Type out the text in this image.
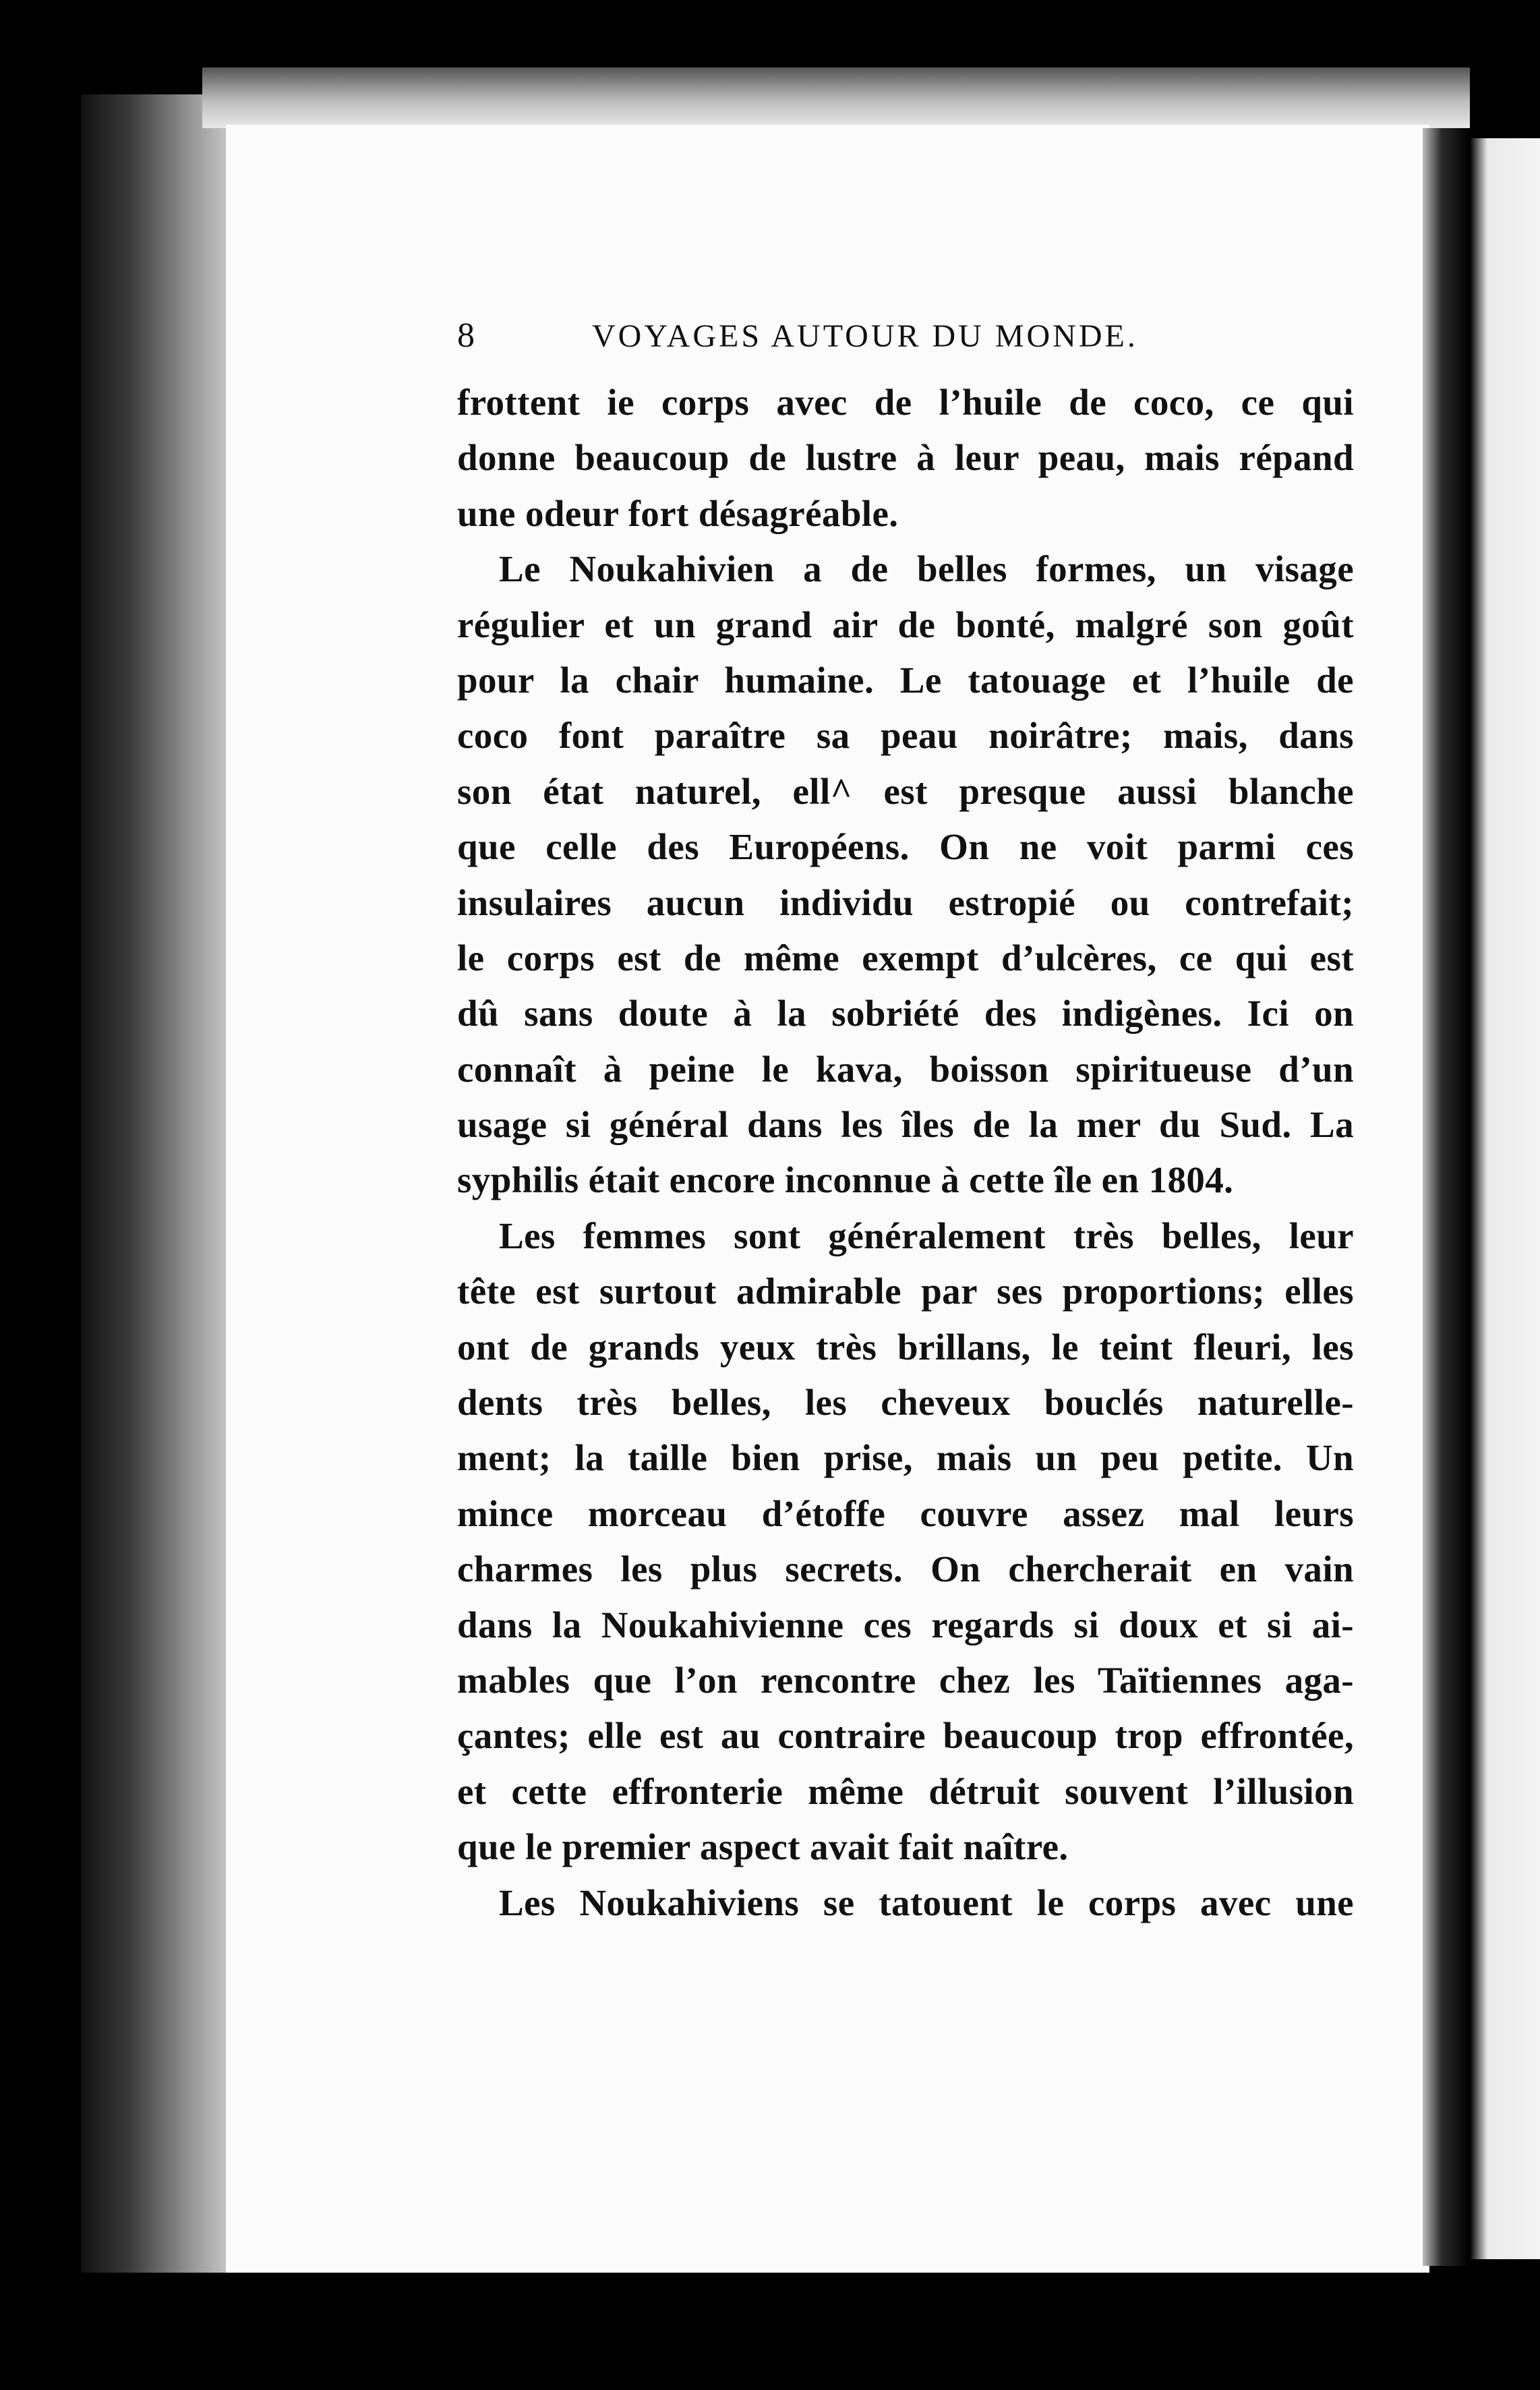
8	VOYAGES AUTOUR DU MONDE.
frottent ie corps avec de l’huile de coco, ce qui
donne beaucoup de lustre à leur peau, mais répand
une odeur fort désagréable.
Le Noukahivien a de belles formes, un visage
régulier et un grand air de bonté, malgré son goût
pour la chair humaine. Le tatouage et l’huile de
coco font paraître sa peau noirâtre; mais, dans
son état naturel, ell^ est presque aussi blanche
que celle des Européens. On ne voit parmi ces
insulaires aucun individu estropié ou contrefait;
le corps est de même exempt d’ulcères, ce qui est
dû sans doute à la sobriété des indigènes. Ici on
connaît à peine le kava, boisson spiritueuse d’un
usage si général dans les îles de la mer du Sud. La
syphilis était encore inconnue à cette île en 1804.
Les femmes sont généralement très belles, leur
tête est surtout admirable par ses proportions; elles
ont de grands yeux très brillans, le teint fleuri, les
dents très belles, les cheveux bouclés naturelle-
ment; la taille bien prise, mais un peu petite. Un
mince morceau d’étoffe couvre assez mal leurs
charmes les plus secrets. On chercherait en vain
dans la Noukahivienne ces regards si doux et si ai-
mables que l’on rencontre chez les Taïtiennes aga-
çantes; elle est au contraire beaucoup trop effrontée,
et cette effronterie même détruit souvent l’illusion
que le premier aspect avait fait naître.
Les Noukahiviens se tatouent le corps avec une
